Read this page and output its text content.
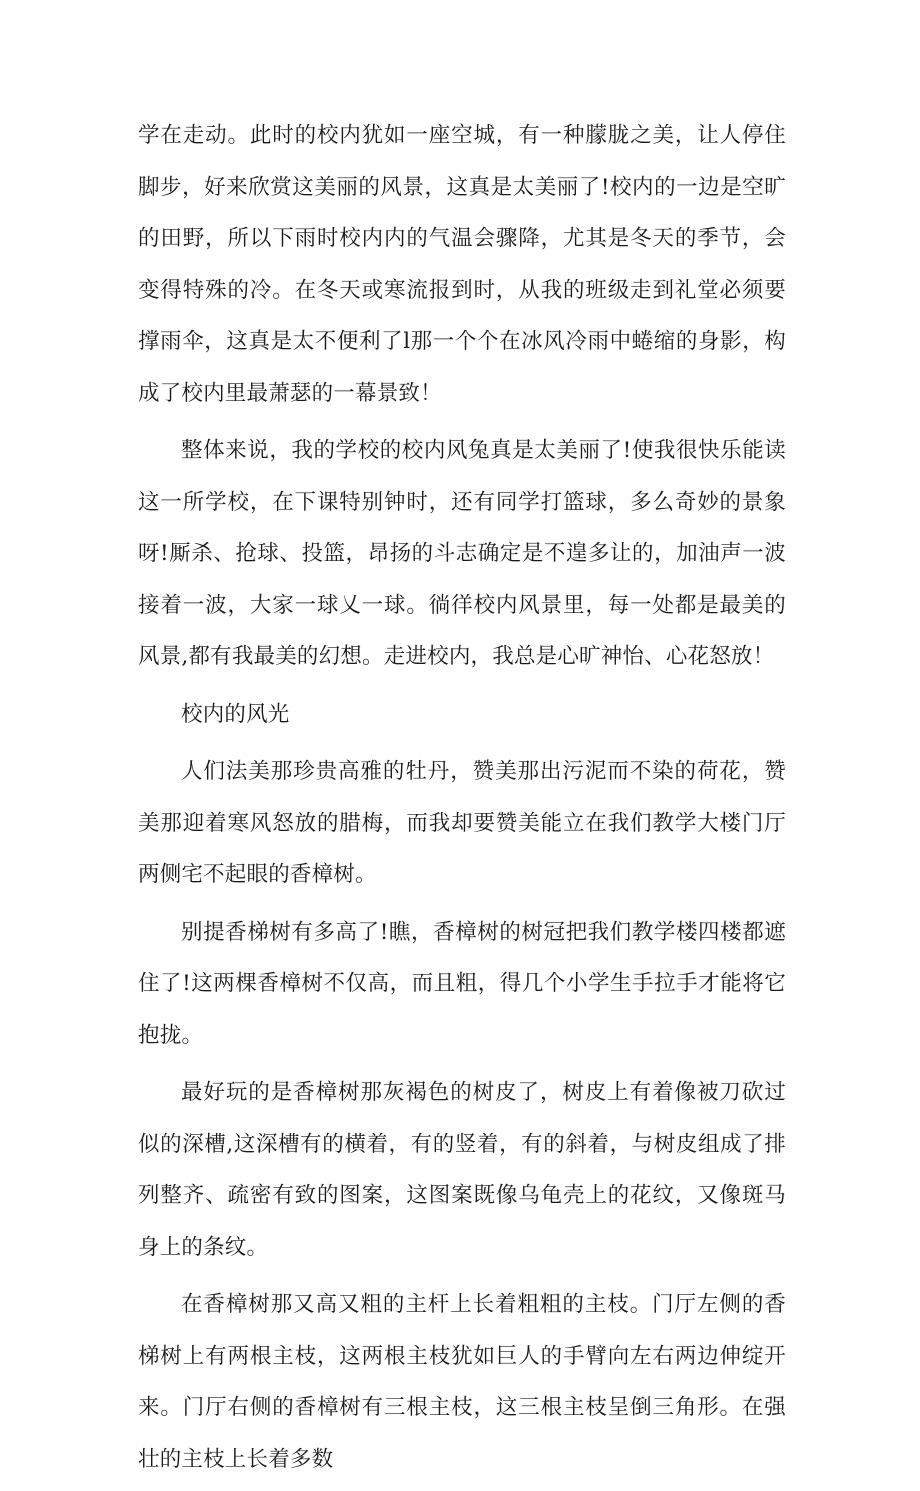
学在走动。此时的校内犹如一座空城，有一种朦胧之美，让人停住脚步，好来欣赏这美丽的风景，这真是太美丽了!校内的一边是空旷的田野，所以下雨时校内内的气温会骤降，尤其是冬天的季节，会变得特殊的冷。在冬天或寒流报到时，从我的班级走到礼堂必须要撑雨伞，这真是太不便利了l那一个个在冰风冷雨中蜷缩的身影，构成了校内里最萧瑟的一幕景致！

整体来说，我的学校的校内风兔真是太美丽了!使我很快乐能读这一所学校，在下课特别钟时，还有同学打篮球，多么奇妙的景象呀!厮杀、抢球、投篮，昂扬的斗志确定是不遑多让的，加油声一波接着一波，大家一球乂一球。徜徉校内风景里，每一处都是最美的风景,都有我最美的幻想。走进校内，我总是心旷神怡、心花怒放！

校内的风光

人们法美那珍贵高雅的牡丹，赞美那出污泥而不染的荷花，赞美那迎着寒风怒放的腊梅，而我却要赞美能立在我们教学大楼门厅两侧宅不起眼的香樟树。

别提香梯树有多高了!瞧，香樟树的树冠把我们教学楼四楼都遮住了!这两棵香樟树不仅高，而且粗，得几个小学生手拉手才能将它抱拢。

最好玩的是香樟树那灰褐色的树皮了，树皮上有着像被刀砍过似的深槽,这深槽有的横着，有的竖着，有的斜着，与树皮组成了排列整齐、疏密有致的图案，这图案既像乌龟壳上的花纹，又像斑马身上的条纹。

在香樟树那又高又粗的主杆上长着粗粗的主枝。门厅左侧的香梯树上有两根主枝，这两根主枝犹如巨人的手臂向左右两边伸绽开来。门厅右侧的香樟树有三根主枝，这三根主枝呈倒三角形。在强壮的主枝上长着多数
